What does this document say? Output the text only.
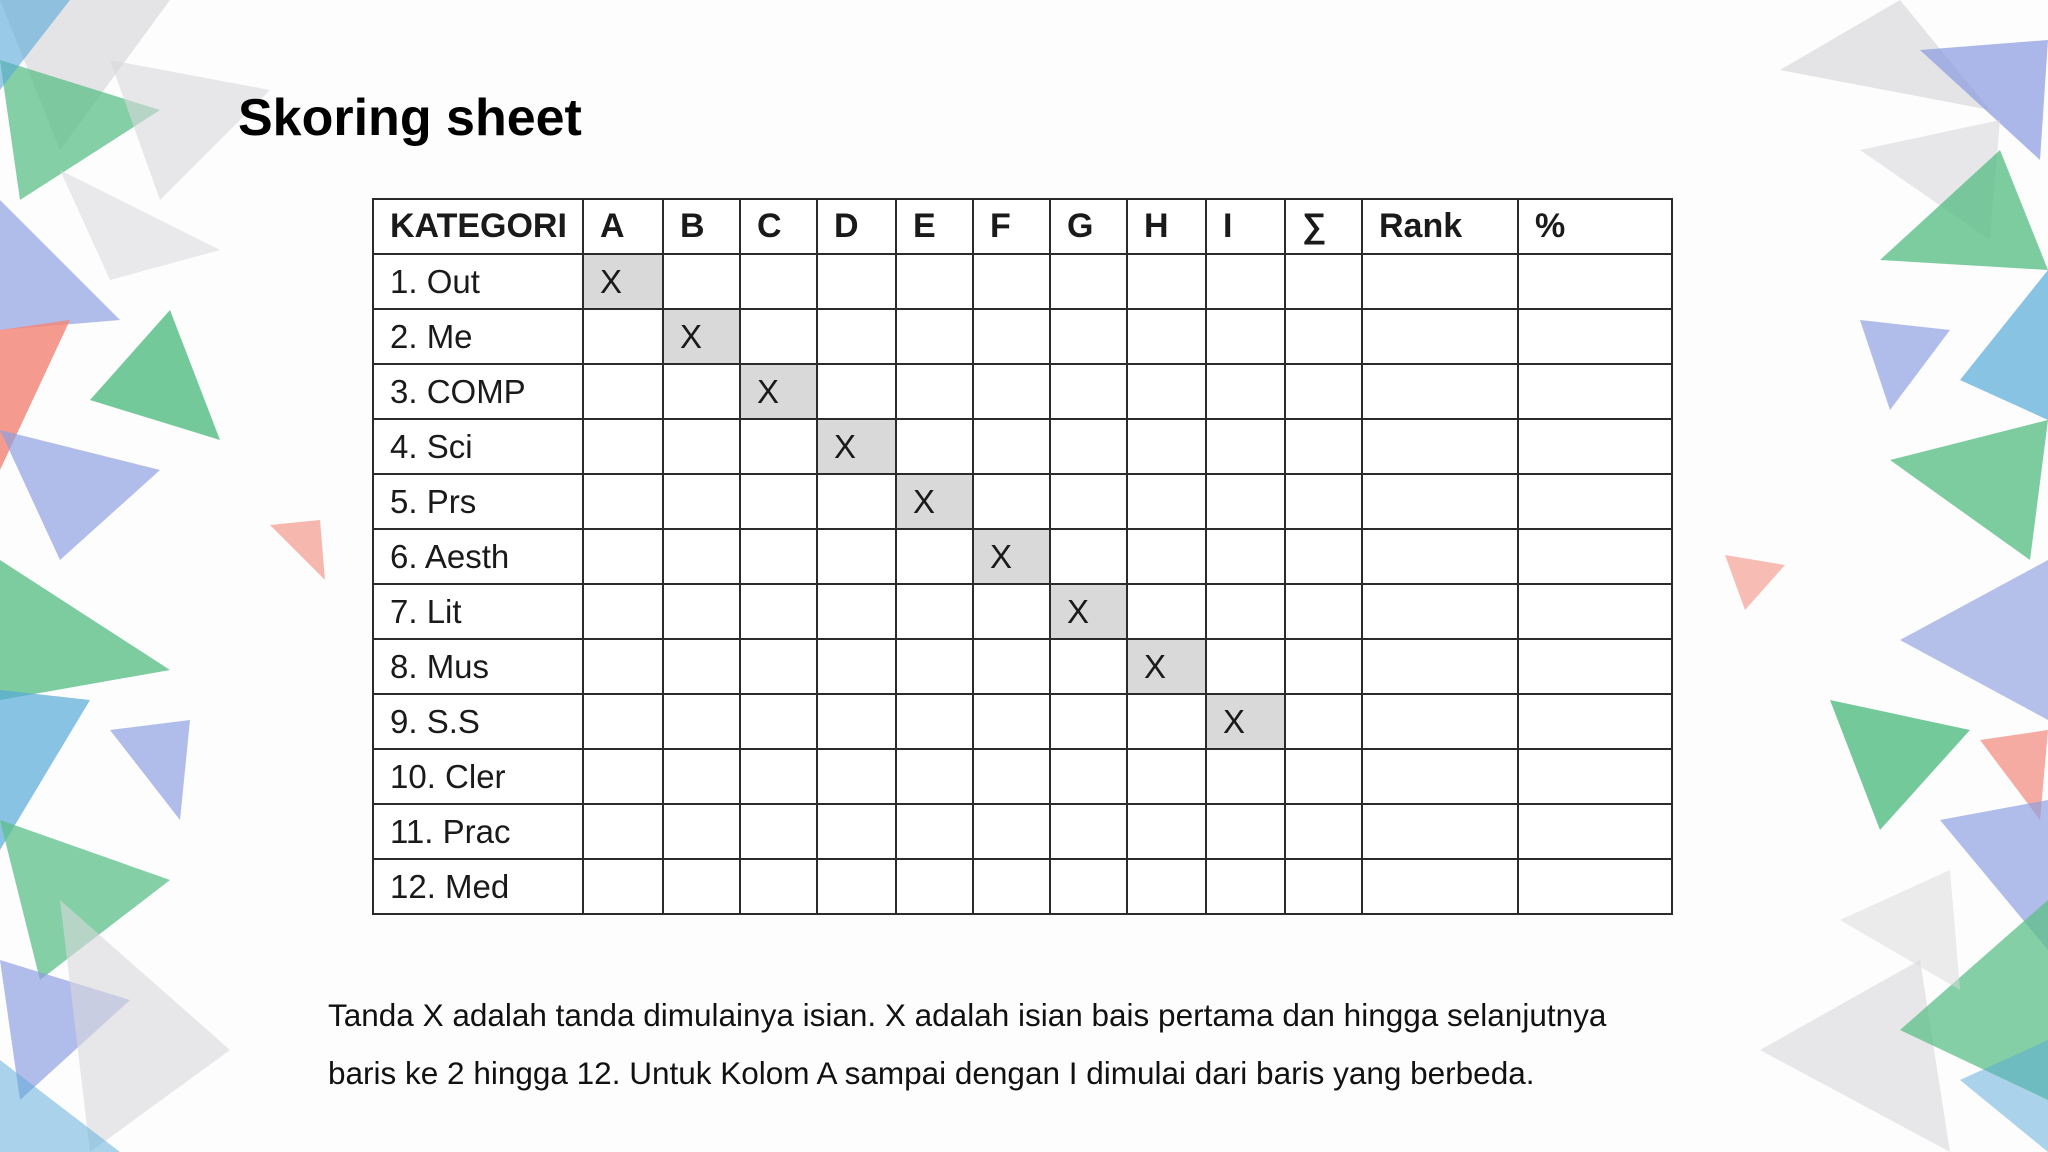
Skoring sheet
KATEGORI	A	B	C	D	E	F	G	H	I	∑	Rank	%
1. Out	X											
2. Me		X										
3. COMP			X									
4. Sci				X								
5. Prs					X							
6. Aesth						X						
7. Lit							X					
8. Mus								X				
9. S.S									X			
10. Cler												
11. Prac												
12. Med												

Tanda X adalah tanda dimulainya isian. X adalah isian bais pertama dan hingga selanjutnya
baris ke 2 hingga 12. Untuk Kolom A sampai dengan I dimulai dari baris yang berbeda.
